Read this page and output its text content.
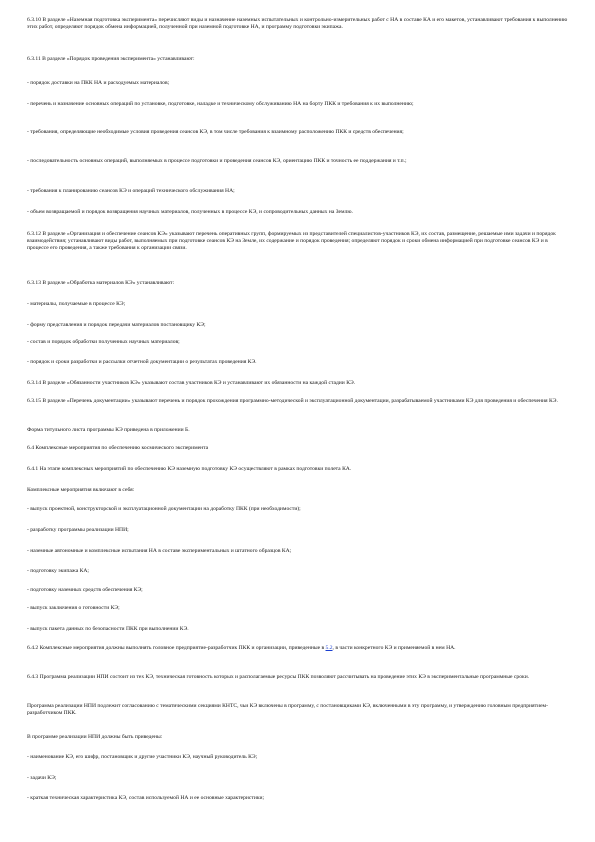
6.3.10 В разделе «Наземная подготовка эксперимента» перечисляют виды и назначение наземных испытательных и контрольно-измерительных работ с НА в составе КА и его макетов, устанавливают требования к выполнению этих работ, определяют порядок обмена информацией, полученной при наземной подготовке НА, и программу подготовки экипажа.

6.3.11 В разделе «Порядок проведения эксперимента» устанавливают:

- порядок доставки на ПКК НА и расходуемых материалов;

- перечень и назначение основных операций по установке, подготовке, наладке и техническому обслуживанию НА на борту ПКК и требования к их выполнению;

- требования, определяющие необходимые условия проведения сеансов КЭ, в том числе требования к взаимному расположению ПКК и средств обеспечения;

- последовательность основных операций, выполняемых в процессе подготовки и проведения сеансов КЭ, ориентацию ПКК и точность ее поддержания и т.п.;

- требования к планированию сеансов КЭ и операций технического обслуживания НА;

- объем возвращаемой и порядок возвращения научных материалов, полученных в процессе КЭ, и сопроводительных данных на Землю.

6.3.12 В разделе «Организация и обеспечение сеансов КЭ» указывают перечень оперативных групп, формируемых из представителей специалистов-участников КЭ, их состав, размещение, решаемые ими задачи и порядок взаимодействия; устанавливают виды работ, выполняемых при подготовке сеансов КЭ на Земле, их содержание и порядок проведения; определяют порядок и сроки обмена информацией при подготовке сеансов КЭ и в процессе его проведения, а также требования к организации связи.

6.3.13 В разделе «Обработка материалов КЭ» устанавливают:

- материалы, получаемые в процессе КЭ;

- форму представления и порядок передачи материалов постановщику КЭ;

- состав и порядок обработки полученных научных материалов;

- порядок и сроки разработки и рассылки отчетной документации о результатах проведения КЭ.

6.3.14 В разделе «Обязанности участников КЭ» указывают состав участников КЭ и устанавливают их обязанности на каждой стадии КЭ.

6.3.15 В разделе «Перечень документации» указывают перечень и порядок прохождения программно-методической и эксплуатационной документации, разрабатываемой участниками КЭ для проведения и обеспечения КЭ.

Форма титульного листа программы КЭ приведена в приложении Б.

6.4 Комплексные мероприятия по обеспечению космического эксперимента

6.4.1 На этапе комплексных мероприятий по обеспечению КЭ наземную подготовку КЭ осуществляют в рамках подготовки полета КА.

Комплексные мероприятия включают в себя:

- выпуск проектной, конструкторской и эксплуатационной документации на доработку ПКК (при необходимости);

- разработку программы реализации НПИ;

- наземные автономные и комплексные испытания НА в составе экспериментальных и штатного образцов КА;

- подготовку экипажа КА;

- подготовку наземных средств обеспечения КЭ;

- выпуск заключения о готовности КЭ;

- выпуск пакета данных по безопасности ПКК при выполнении КЭ.

6.4.2 Комплексные мероприятия должны выполнять головное предприятие-разработчик ПКК и организации, приведенные в 5.2, в части конкретного КЭ и применяемой в нем НА.

6.4.3 Программа реализации НПИ состоит из тех КЭ, техническая готовность которых и располагаемые ресурсы ПКК позволяют рассчитывать на проведение этих КЭ в экспериментальные программные сроки.

Программа реализации НПИ подлежит согласованию с тематическими секциями КНТС, чьи КЭ включены в программу, с постановщиками КЭ, включенными в эту программу, и утверждению головным предприятием-разработчиком ПКК.

В программе реализации НПИ должны быть приведены:

- наименование КЭ, его шифр, постановщик и другие участники КЭ, научный руководитель КЭ;

- задачи КЭ;

- краткая техническая характеристика КЭ, состав используемой НА и ее основные характеристики;
